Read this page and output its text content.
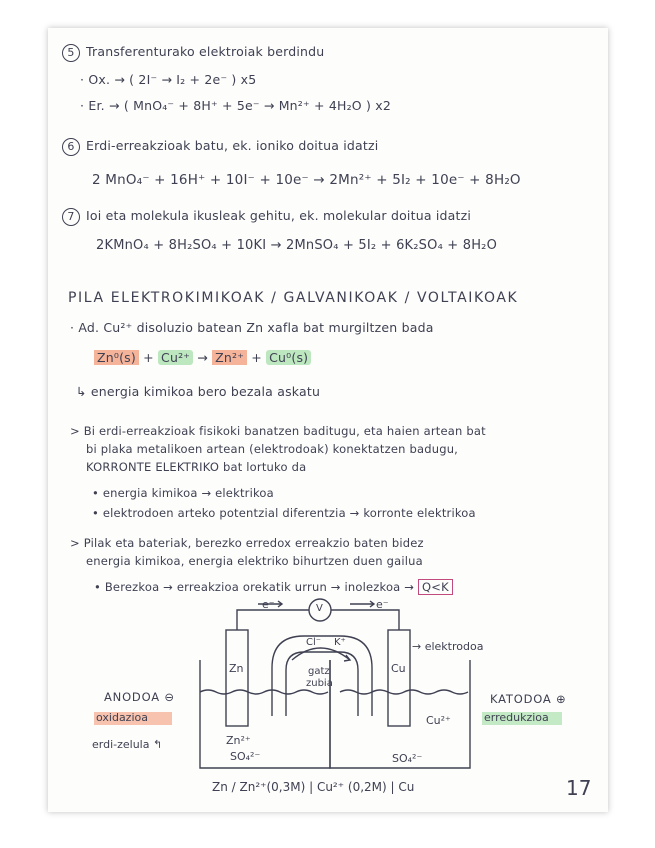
5 Transferenturako elektroiak berdindu
· Ox. → ( 2I⁻ → I₂ + 2e⁻ ) x5
· Er. → ( MnO₄⁻ + 8H⁺ + 5e⁻ → Mn²⁺ + 4H₂O ) x2
6 Erdi-erreakzioak batu, ek. ioniko doitua idatzi
2 MnO₄⁻ + 16H⁺ + 10I⁻ + 10e⁻ → 2Mn²⁺ + 5I₂ + 10e⁻ + 8H₂O
7 Ioi eta molekula ikusleak gehitu, ek. molekular doitua idatzi
2KMnO₄ + 8H₂SO₄ + 10KI → 2MnSO₄ + 5I₂ + 6K₂SO₄ + 8H₂O
PILA ELEKTROKIMIKOAK / GALVANIKOAK / VOLTAIKOAK
· Ad. Cu²⁺ disoluzio batean Zn xafla bat murgiltzen bada
Zn⁰(s) + Cu²⁺ → Zn²⁺ + Cu⁰(s)
↳ energia kimikoa bero bezala askatu
> Bi erdi-erreakzioak fisikoki banatzen baditugu, eta haien artean bat
bi plaka metalikoen artean (elektrodoak) konektatzen badugu,
KORRONTE ELEKTRIKO bat lortuko da
• energia kimikoa → elektrikoa
• elektrodoen arteko potentzial diferentzia → korronte elektrikoa
> Pilak eta bateriak, berezko erredox erreakzio baten bidez
energia kimikoa, energia elektriko bihurtzen duen gailua
• Berezkoa → erreakzioa orekatik urrun → inolezkoa → Q<K
e⁻	e⁻
V
Zn	Cu
Cl⁻ K⁺
gatz
zubia
→ elektrodoa
ANODOA ⊖
oxidazioa
erdi-zelula ↰
KATODOA ⊕
erredukzioa
Zn²⁺
SO₄²⁻
Cu²⁺
SO₄²⁻
Zn / Zn²⁺(0,3M) | Cu²⁺ (0,2M) | Cu	17
